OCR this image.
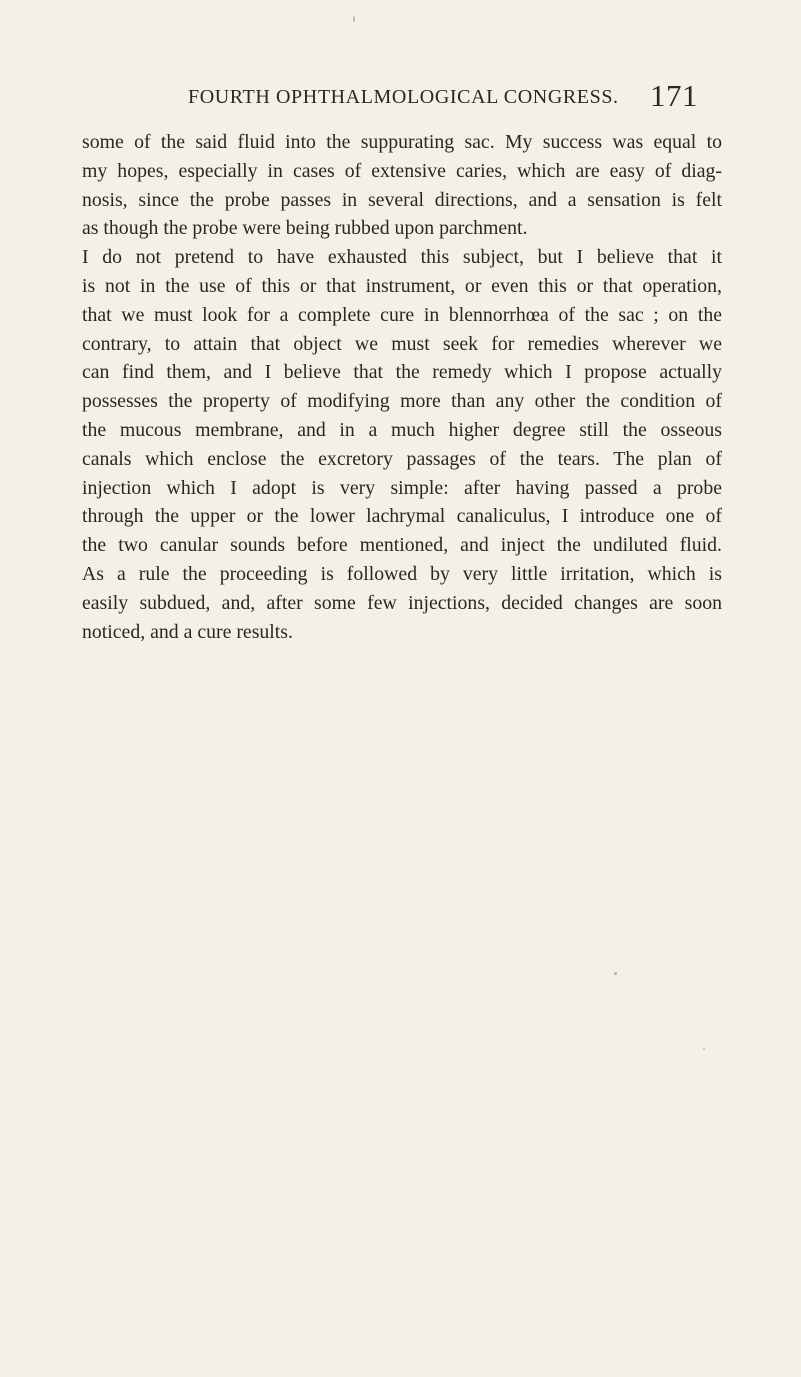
FOURTH OPHTHALMOLOGICAL CONGRESS. 171
some of the said fluid into the suppurating sac. My success was equal to
my hopes, especially in cases of extensive caries, which are easy of diag-
nosis, since the probe passes in several directions, and a sensation is felt
as though the probe were being rubbed upon parchment.
I do not pretend to have exhausted this subject, but I believe that it
is not in the use of this or that instrument, or even this or that operation,
that we must look for a complete cure in blennorrhœa of the sac ; on the
contrary, to attain that object we must seek for remedies wherever we
can find them, and I believe that the remedy which I propose actually
possesses the property of modifying more than any other the condition of
the mucous membrane, and in a much higher degree still the osseous
canals which enclose the excretory passages of the tears. The plan of
injection which I adopt is very simple: after having passed a probe
through the upper or the lower lachrymal canaliculus, I introduce one of
the two canular sounds before mentioned, and inject the undiluted fluid.
As a rule the proceeding is followed by very little irritation, which is
easily subdued, and, after some few injections, decided changes are soon
noticed, and a cure results.
